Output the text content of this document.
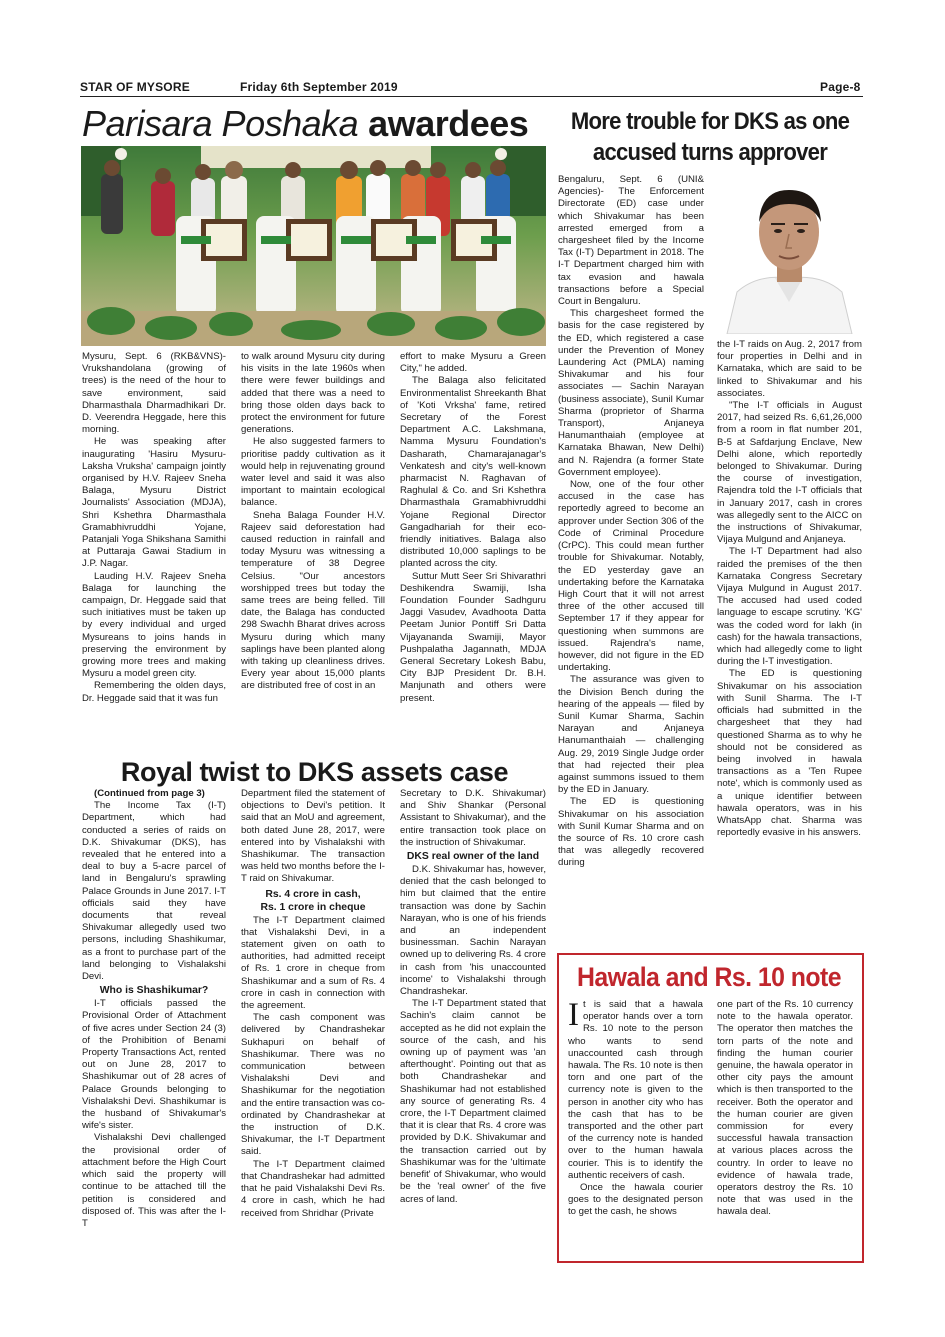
STAR OF MYSORE	Friday 6th September 2019	Page-8
Parisara Poshaka awardees

Mysuru, Sept. 6 (RKB&VNS)- Vrukshandolana (growing of trees) is the need of the hour to save environment, said Dharmasthala Dharmadhikari Dr. D. Veerendra Heggade, here this morning.

He was speaking after inaugurating 'Hasiru Mysuru-Laksha Vruksha' campaign jointly organised by H.V. Rajeev Sneha Balaga, Mysuru District Journalists' Association (MDJA), Shri Kshethra Dharmasthala Gramabhivruddhi Yojane, Patanjali Yoga Shikshana Samithi at Puttaraja Gawai Stadium in J.P. Nagar.

Lauding H.V. Rajeev Sneha Balaga for launching the campaign, Dr. Heggade said that such initiatives must be taken up by every individual and urged Mysureans to joins hands in preserving the environment by growing more trees and making Mysuru a model green city.

Remembering the olden days, Dr. Heggade said that it was fun

to walk around Mysuru city during his visits in the late 1960s when there were fewer buildings and added that there was a need to bring those olden days back to protect the environment for future generations.

He also suggested farmers to prioritise paddy cultivation as it would help in rejuvenating ground water level and said it was also important to maintain ecological balance.

Sneha Balaga Founder H.V. Rajeev said deforestation had caused reduction in rainfall and today Mysuru was witnessing a temperature of 38 Degree Celsius. "Our ancestors worshipped trees but today the same trees are being felled. Till date, the Balaga has conducted 298 Swachh Bharat drives across Mysuru during which many saplings have been planted along with taking up cleanliness drives. Every year about 15,000 plants are distributed free of cost in an

effort to make Mysuru a Green City," he added.

The Balaga also felicitated Environmentalist Shreekanth Bhat of 'Koti Vrksha' fame, retired Secretary of the Forest Department A.C. Lakshmana, Namma Mysuru Foundation's Dasharath, Chamarajanagar's Venkatesh and city's well-known pharmacist N. Raghavan of Raghulal & Co. and Sri Kshethra Dharmasthala Gramabhivruddhi Yojane Regional Director Gangadhariah for their eco-friendly initiatives. Balaga also distributed 10,000 saplings to be planted across the city.

Suttur Mutt Seer Sri Shivarathri Deshikendra Swamiji, Isha Foundation Founder Sadhguru Jaggi Vasudev, Avadhoota Datta Peetam Junior Pontiff Sri Datta Vijayananda Swamiji, Mayor Pushpalatha Jagannath, MDJA General Secretary Lokesh Babu, City BJP President Dr. B.H. Manjunath and others were present.

More trouble for DKS as one
accused turns approver

Bengaluru, Sept. 6 (UNI& Agencies)- The Enforcement Directorate (ED) case under which Shivakumar has been arrested emerged from a chargesheet filed by the Income Tax (I-T) Department in 2018. The I-T Department charged him with tax evasion and hawala transactions before a Special Court in Bengaluru.

This chargesheet formed the basis for the case registered by the ED, which registered a case under the Prevention of Money Laundering Act (PMLA) naming Shivakumar and his four associates — Sachin Narayan (business associate), Sunil Kumar Sharma (proprietor of Sharma Transport), Anjaneya Hanumanthaiah (employee at Karnataka Bhawan, New Delhi) and N. Rajendra (a former State Government employee).

Now, one of the four other accused in the case has reportedly agreed to become an approver under Section 306 of the Code of Criminal Procedure (CrPC). This could mean further trouble for Shivakumar. Notably, the ED yesterday gave an undertaking before the Karnataka High Court that it will not arrest three of the other accused till September 17 if they appear for questioning when summons are issued. Rajendra's name, however, did not figure in the ED undertaking.

The assurance was given to the Division Bench during the hearing of the appeals — filed by Sunil Kumar Sharma, Sachin Narayan and Anjaneya Hanumanthaiah — challenging Aug. 29, 2019 Single Judge order that had rejected their plea against summons issued to them by the ED in January.

The ED is questioning Shivakumar on his association with Sunil Kumar Sharma and on the source of Rs. 10 crore cash that was allegedly recovered during

the I-T raids on Aug. 2, 2017 from four properties in Delhi and in Karnataka, which are said to be linked to Shivakumar and his associates.

"The I-T officials in August 2017, had seized Rs. 6,61,26,000 from a room in flat number 201, B-5 at Safdarjung Enclave, New Delhi alone, which reportedly belonged to Shivakumar. During the course of investigation, Rajendra told the I-T officials that in January 2017, cash in crores was allegedly sent to the AICC on the instructions of Shivakumar, Vijaya Mulgund and Anjaneya.

The I-T Department had also raided the premises of the then Karnataka Congress Secretary Vijaya Mulgund in August 2017. The accused had used coded language to escape scrutiny. 'KG' was the coded word for lakh (in cash) for the hawala transactions, which had allegedly come to light during the I-T investigation.

The ED is questioning Shivakumar on his association with Sunil Sharma. The I-T officials had submitted in the chargesheet that they had questioned Sharma as to why he should not be considered as being involved in hawala transactions as a 'Ten Rupee note', which is commonly used as a unique identifier between hawala operators, was in his WhatsApp chat. Sharma was reportedly evasive in his answers.

Royal twist to DKS assets case

(Continued from page 3)

The Income Tax (I-T) Department, which had conducted a series of raids on D.K. Shivakumar (DKS), has revealed that he entered into a deal to buy a 5-acre parcel of land in Bengaluru's sprawling Palace Grounds in June 2017. I-T officials said they have documents that reveal Shivakumar allegedly used two persons, including Shashikumar, as a front to purchase part of the land belonging to Vishalakshi Devi.

Who is Shashikumar?

I-T officials passed the Provisional Order of Attachment of five acres under Section 24 (3) of the Prohibition of Benami Property Transactions Act, rented out on June 28, 2017 to Shashikumar out of 28 acres of Palace Grounds belonging to Vishalakshi Devi. Shashikumar is the husband of Shivakumar's wife's sister.

Vishalakshi Devi challenged the provisional order of attachment before the High Court which said the property will continue to be attached till the petition is considered and disposed of. This was after the I-T

Department filed the statement of objections to Devi's petition. It said that an MoU and agreement, both dated June 28, 2017, were entered into by Vishalakshi with Shashikumar. The transaction was held two months before the I-T raid on Shivakumar.

Rs. 4 crore in cash,
Rs. 1 crore in cheque

The I-T Department claimed that Vishalakshi Devi, in a statement given on oath to authorities, had admitted receipt of Rs. 1 crore in cheque from Shashikumar and a sum of Rs. 4 crore in cash in connection with the agreement.

The cash component was delivered by Chandrashekar Sukhapuri on behalf of Shashikumar. There was no communication between Vishalakshi Devi and Shashikumar for the negotiation and the entire transaction was co-ordinated by Chandrashekar at the instruction of D.K. Shivakumar, the I-T Department said.

The I-T Department claimed that Chandrashekar had admitted that he paid Vishalakshi Devi Rs. 4 crore in cash, which he had received from Shridhar (Private

Secretary to D.K. Shivakumar) and Shiv Shankar (Personal Assistant to Shivakumar), and the entire transaction took place on the instruction of Shivakumar.

DKS real owner of the land

D.K. Shivakumar has, however, denied that the cash belonged to him but claimed that the entire transaction was done by Sachin Narayan, who is one of his friends and an independent businessman. Sachin Narayan owned up to delivering Rs. 4 crore in cash from 'his unaccounted income' to Vishalakshi through Chandrashekar.

The I-T Department stated that Sachin's claim cannot be accepted as he did not explain the source of the cash, and his owning up of payment was 'an afterthought'. Pointing out that as both Chandrashekar and Shashikumar had not established any source of generating Rs. 4 crore, the I-T Department claimed that it is clear that Rs. 4 crore was provided by D.K. Shivakumar and the transaction carried out by Shashikumar was for the 'ultimate benefit' of Shivakumar, who would be the 'real owner' of the five acres of land.

Hawala and Rs. 10 note
I t is said that a hawala operator hands over a torn Rs. 10 note to the person who wants to send unaccounted cash through hawala. The Rs. 10 note is then torn and one part of the currency note is given to the person in another city who has the cash that has to be transported and the other part of the currency note is handed over to the human hawala courier. This is to identify the authentic receivers of cash.

Once the hawala courier goes to the designated person to get the cash, he shows

one part of the Rs. 10 currency note to the hawala operator. The operator then matches the torn parts of the note and finding the human courier genuine, the hawala operator in other city pays the amount which is then transported to the receiver. Both the operator and the human courier are given commission for every successful hawala transaction at various places across the country. In order to leave no evidence of hawala trade, operators destroy the Rs. 10 note that was used in the hawala deal.
